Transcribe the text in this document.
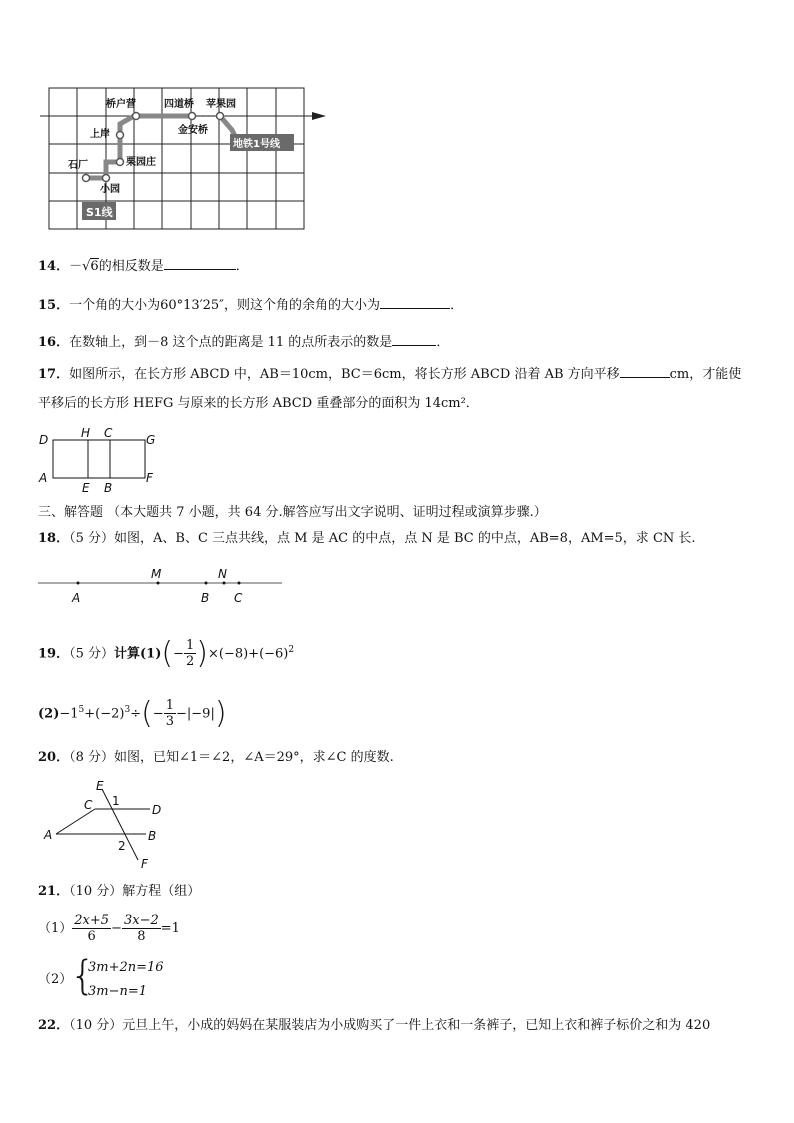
桥户营	四道桥 苹果园
上岸	金安桥
石厂	栗园庄
小园
地铁1号线
S1线
14．－√6的相反数是	．
15．一个角的大小为60°13′25″，则这个角的余角的大小为	．
16．在数轴上，到－8 这个点的距离是 11 的点所表示的数是	．
17．如图所示，在长方形 ABCD 中，AB＝10cm，BC＝6cm，将长方形 ABCD 沿着 AB 方向平移	cm，才能使
平移后的长方形 HEFG 与原来的长方形 ABCD 重叠部分的面积为 14cm²．
D	H C	G
A
E B
F
三、解答题 （本大题共 7 小题，共 64 分.解答应写出文字说明、证明过程或演算步骤.）
18．（5 分）如图，A、B、C 三点共线，点 M 是 AC 的中点，点 N 是 BC 的中点，AB=8，AM=5，求 CN 长.
A
M
B
N
C
19．（5 分）计算$(1)(- \frac{1}{2} )\times(-8)+(-6)^2$
$(2)-1^5+(-2)^3\div(- \frac{1}{3} -|-9|)$
20．（8 分）如图，已知∠1＝∠2，∠A＝29°，求∠C 的度数.
E
C 1
D
A	B
2
F
21．（10 分）解方程（组）
$(1) \frac{2x+5}{6} - \frac{3x-2}{8} =1$
（2）
{
3m+2n=16
3m−n=1
22．（10 分）元旦上午，小成的妈妈在某服装店为小成购买了一件上衣和一条裤子，已知上衣和裤子标价之和为 420
